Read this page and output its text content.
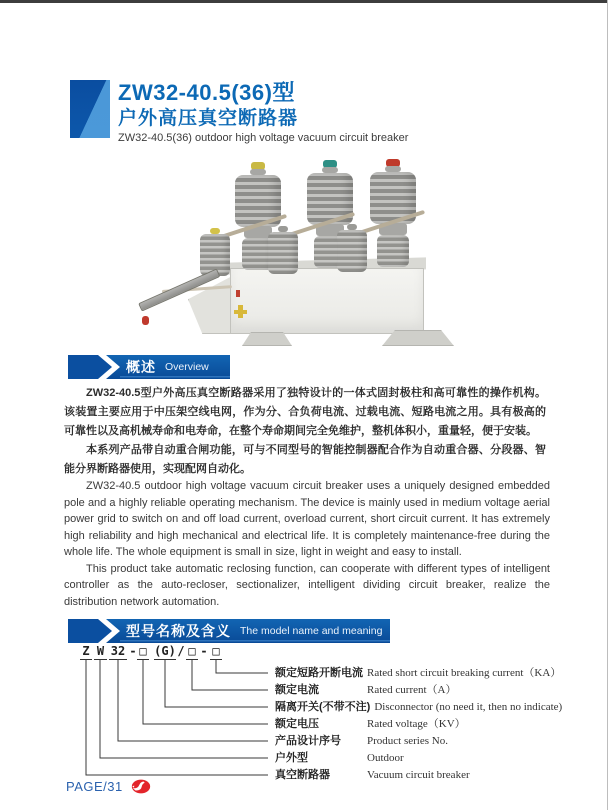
ZW32-40.5(36)型
户外高压真空断路器
ZW32-40.5(36) outdoor high voltage vacuum circuit breaker
概述 Overview

ZW32-40.5型户外高压真空断路器采用了独特设计的一体式固封极柱和高可靠性的操作机构。该装置主要应用于中压架空线电网，作为分、合负荷电流、过载电流、短路电流之用。具有极高的可靠性以及高机械寿命和电寿命，在整个寿命期间完全免维护，整机体积小，重量轻，便于安装。

本系列产品带自动重合闸功能，可与不同型号的智能控制器配合作为自动重合器、分段器、智能分界断路器使用，实现配网自动化。

ZW32-40.5 outdoor high voltage vacuum circuit breaker uses a uniquely designed embedded pole and a highly reliable operating mechanism. The device is mainly used in medium voltage aerial power grid to switch on and off load current, overload current, short circuit current. It has extremely high reliability and high mechanical and electrical life. It is completely maintenance-free during the whole life. The whole equipment is small in size, light in weight and easy to install.

This product take automatic reclosing function, can cooperate with different types of intelligent controller as the auto-recloser, sectionalizer, intelligent dividing circuit breaker, realize the distribution network automation.

型号名称及含义 The model name and meaning
Z W 32 - □ (G) / □ - □
额定短路开断电流 Rated short circuit breaking current（KA）
额定电流	Rated current（A）
隔离开关(不带不注) Disconnector (no need it, then no indicate)
额定电压	Rated voltage（KV）
产品设计序号	Product series No.
户外型	Outdoor
真空断路器	Vacuum circuit breaker
PAGE/31
